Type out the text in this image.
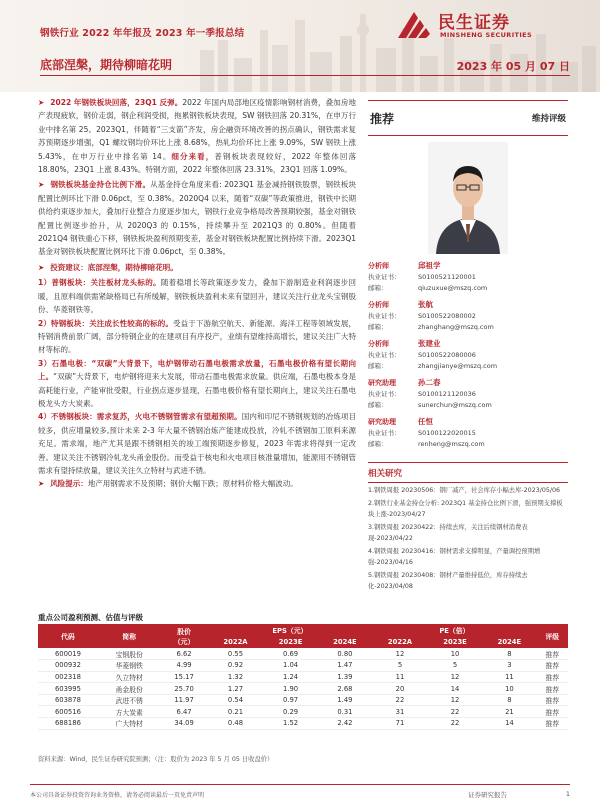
民生证券
MINSHENG SECURITIES
钢铁行业 2022 年年报及 2023 年一季报总结
底部涅槃，期待柳暗花明	2023 年 05 月 07 日

➤ 2022 年钢铁板块回落，23Q1 反弹。2022 年国内局部地区疫情影响钢材消费，叠加房地产表现疲软，钢价走弱，钢企利润受损，拖累钢铁板块表现，SW 钢铁回落 20.31%，在申万行业中排名第 25。2023Q1，伴随着“三支箭”齐发，房企融资环境改善的拐点确认，钢铁需求复苏预期逐步增强，Q1 螺纹钢均价环比上涨 8.68%，热轧均价环比上涨 9.09%，SW 钢铁上涨 5.43%，在申万行业中排名第 14。细分来看，普钢板块表现较好，2022 年整体回落 18.80%，23Q1 上涨 8.43%。特钢方面，2022 年整体回落 23.31%，23Q1 回落 1.09%。

➤ 钢铁板块基金持仓比例下滑。从基金持仓角度来看: 2023Q1 基金减持钢铁股票，钢铁板块配置比例环比下滑 0.06pct，至 0.38%。2020Q4 以来，随着“双碳”等政策推进，钢铁中长期供给约束逐步加大，叠加行业整合力度逐步加大，钢铁行业竞争格局改善预期较强，基金对钢铁配置比例逐步抬升，从 2020Q3 的 0.15%，持续攀升至 2021Q3 的 0.80%。但随着 2021Q4 钢铁重心下移，钢铁板块盈利预期变差，基金对钢铁板块配置比例持续下滑。2023Q1 基金对钢铁板块配置比例环比下滑 0.06pct，至 0.38%。

➤ 投资建议：底部涅槃，期待柳暗花明。

1）普钢板块：关注板材龙头标的。随着稳增长等政策逐步发力，叠加下游制造业利润逐步回暖，且原料端供需紧缺格局已有所缓解，钢铁板块盈利未来有望回升，建议关注行业龙头宝钢股份、华菱钢铁等。

2）特钢板块：关注成长性较高的标的。受益于下游航空航天、新能源、海洋工程等领域发展，特钢消费前景广阔，部分特钢企业的在建项目有序投产，业绩有望维持高增长，建议关注广大特材等标的。

3）石墨电极：“双碳”大背景下，电炉钢带动石墨电极需求放量，石墨电极价格有望长期向上。“双碳”大背景下，电炉钢将迎来大发展，带动石墨电极需求放量。供应端，石墨电极本身是高耗能行业，产能审批受限，行业拐点逐步显现，石墨电极价格有望长期向上，建议关注石墨电极龙头方大炭素。

4）不锈钢板块：需求复苏，火电不锈钢管需求有望超预期。国内和印尼不锈钢规划的冶炼项目较多，供应增量较多,预计未来 2-3 年大量不锈钢冶炼产能建成投放，冷轧不锈钢加工原料来源充足。需求端，地产尤其是跟不锈钢相关的竣工端预期逐步修复，2023 年需求将得到一定改善。建议关注不锈钢冷轧龙头甬金股份。而受益于核电和火电项目核准量增加，能源用不锈钢管需求有望持续放量，建议关注久立特材与武进不锈。

➤ 风险提示：地产用钢需求不及预期；钢价大幅下跌；原材料价格大幅波动。

推荐	维持评级
分析师	邱祖学
执业证书：	S0100521120001
邮箱：	qiuzuxue@mszq.com
分析师	张航
执业证书：	S0100522080002
邮箱：	zhanghang@mszq.com
分析师	张建业
执业证书：	S0100522080006
邮箱：	zhangjianye@mszq.com
研究助理	孙二春
执业证书：	S0100121120036
邮箱：	sunerchun@mszq.com
研究助理	任恒
执业证书：	S0100122020015
邮箱：	renheng@mszq.com
相关研究
1.钢铁周报 20230506：钢厂减产，社会库存小幅去库-2023/05/06
2.钢铁行业基金持仓分析: 2023Q1 基金持仓比例下滑，强预期支撑板块上涨-2023/04/27
3.钢铁周报 20230422：持续去库，关注后续钢材消费表现-2023/04/22
4.钢铁周报 20230416：钢材需求支撑明显，产量调控预期增强-2023/04/16
5.钢铁周报 20230408：钢材产量维持低位，库存持续去化-2023/04/08
重点公司盈利预测、估值与评级
代码	简称	股价
（元）	EPS（元）			PE（倍）			评级
			2022A	2023E	2024E	2022A	2023E	2024E	
600019	宝钢股份	6.62	0.55	0.69	0.80	12	10	8	推荐
000932	华菱钢铁	4.99	0.92	1.04	1.47	5	5	3	推荐
002318	久立特材	15.17	1.32	1.24	1.39	11	12	11	推荐
603995	甬金股份	25.70	1.27	1.90	2.68	20	14	10	推荐
603878	武进不锈	11.97	0.54	0.97	1.49	22	12	8	推荐
600516	方大炭素	6.47	0.21	0.29	0.31	31	22	21	推荐
688186	广大特材	34.09	0.48	1.52	2.42	71	22	14	推荐
资料来源：Wind，民生证券研究院预测；（注：股价为 2023 年 5 月 05 日收盘价）
本公司具备证券投资咨询业务资格，请务必阅读最后一页免责声明	证券研究报告	1
